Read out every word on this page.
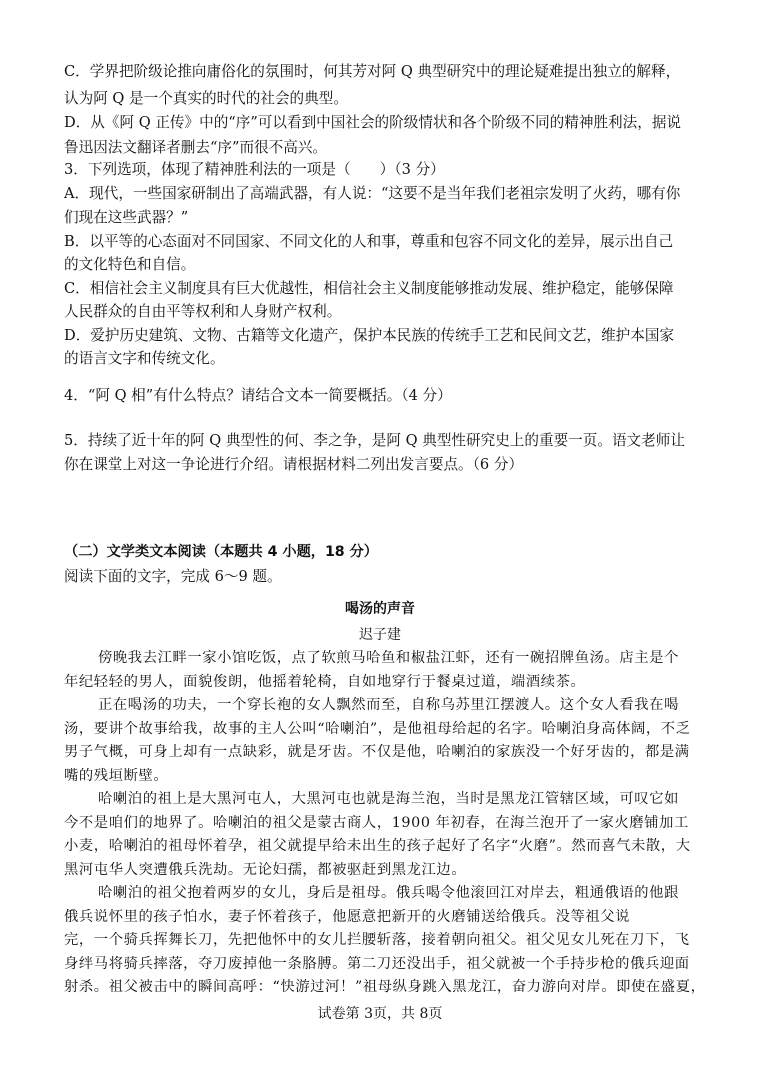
C．学界把阶级论推向庸俗化的氛围时，何其芳对阿 Q 典型研究中的理论疑难提出独立的解释，

认为阿 Q 是一个真实的时代的社会的典型。

D．从《阿 Q 正传》中的“序”可以看到中国社会的阶级情状和各个阶级不同的精神胜利法，据说

鲁迅因法文翻译者删去“序”而很不高兴。

3．下列选项，体现了精神胜利法的一项是（　　）（3 分）

A．现代，一些国家研制出了高端武器，有人说：“这要不是当年我们老祖宗发明了火药，哪有你

们现在这些武器？”

B．以平等的心态面对不同国家、不同文化的人和事，尊重和包容不同文化的差异，展示出自己

的文化特色和自信。

C．相信社会主义制度具有巨大优越性，相信社会主义制度能够推动发展、维护稳定，能够保障

人民群众的自由平等权利和人身财产权利。

D．爱护历史建筑、文物、古籍等文化遗产，保护本民族的传统手工艺和民间文艺，维护本国家

的语言文字和传统文化。

4．“阿 Q 相”有什么特点？请结合文本一简要概括。（4 分）

5．持续了近十年的阿 Q 典型性的何、李之争，是阿 Q 典型性研究史上的重要一页。语文老师让

你在课堂上对这一争论进行介绍。请根据材料二列出发言要点。（6 分）

（二）文学类文本阅读（本题共 4 小题，18 分）

阅读下面的文字，完成 6～9 题。

喝汤的声音

迟子建

傍晚我去江畔一家小馆吃饭，点了软煎马哈鱼和椒盐江虾，还有一碗招牌鱼汤。店主是个

年纪轻轻的男人，面貌俊朗，他摇着轮椅，自如地穿行于餐桌过道，端酒续茶。

正在喝汤的功夫，一个穿长袍的女人飘然而至，自称乌苏里江摆渡人。这个女人看我在喝

汤，要讲个故事给我，故事的主人公叫“哈喇泊”，是他祖母给起的名字。哈喇泊身高体阔，不乏

男子气概，可身上却有一点缺彩，就是牙齿。不仅是他，哈喇泊的家族没一个好牙齿的，都是满

嘴的残垣断壁。

哈喇泊的祖上是大黑河屯人，大黑河屯也就是海兰泡，当时是黑龙江管辖区域，可叹它如

今不是咱们的地界了。哈喇泊的祖父是蒙古商人，1900 年初春，在海兰泡开了一家火磨铺加工

小麦，哈喇泊的祖母怀着孕，祖父就提早给未出生的孩子起好了名字“火磨”。然而喜气未散，大

黑河屯华人突遭俄兵洗劫。无论妇孺，都被驱赶到黑龙江边。

哈喇泊的祖父抱着两岁的女儿，身后是祖母。俄兵喝令他滚回江对岸去，粗通俄语的他跟

俄兵说怀里的孩子怕水，妻子怀着孩子，他愿意把新开的火磨铺送给俄兵。没等祖父说

完，一个骑兵挥舞长刀，先把他怀中的女儿拦腰斩落，接着朝向祖父。祖父见女儿死在刀下，飞

身绊马将骑兵摔落，夺刀废掉他一条胳膊。第二刀还没出手，祖父就被一个手持步枪的俄兵迎面

射杀。祖父被击中的瞬间高呼：“快游过河！”祖母纵身跳入黑龙江，奋力游向对岸。即使在盛夏，

试卷第 3页，共 8页
